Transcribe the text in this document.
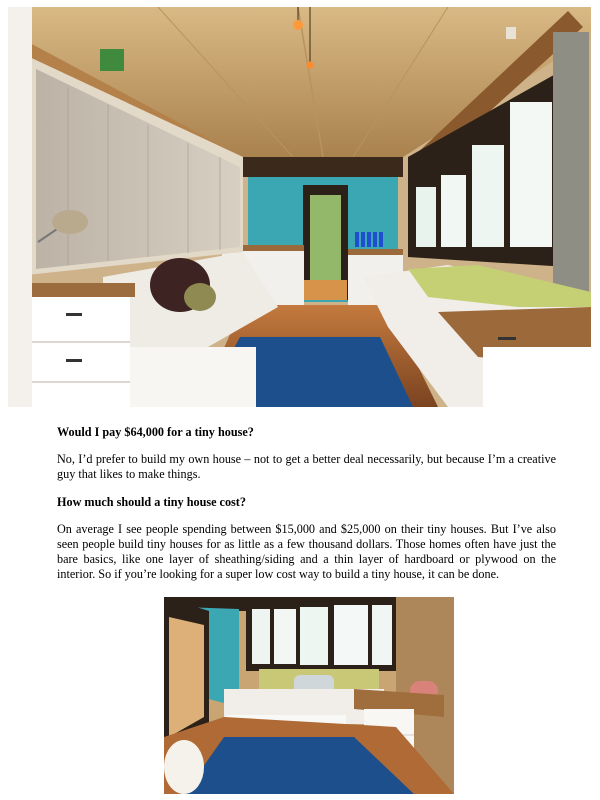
Would I pay $64,000 for a tiny house?

No, I’d prefer to build my own house – not to get a better deal necessarily, but because I’m a creative guy that likes to make things.

How much should a tiny house cost?

On average I see people spending between $15,000 and $25,000 on their tiny houses. But I’ve also seen people build tiny houses for as little as a few thousand dollars. Those homes often have just the bare basics, like one layer of sheathing/siding and a thin layer of hardboard or plywood on the interior. So if you’re looking for a super low cost way to build a tiny house, it can be done.
